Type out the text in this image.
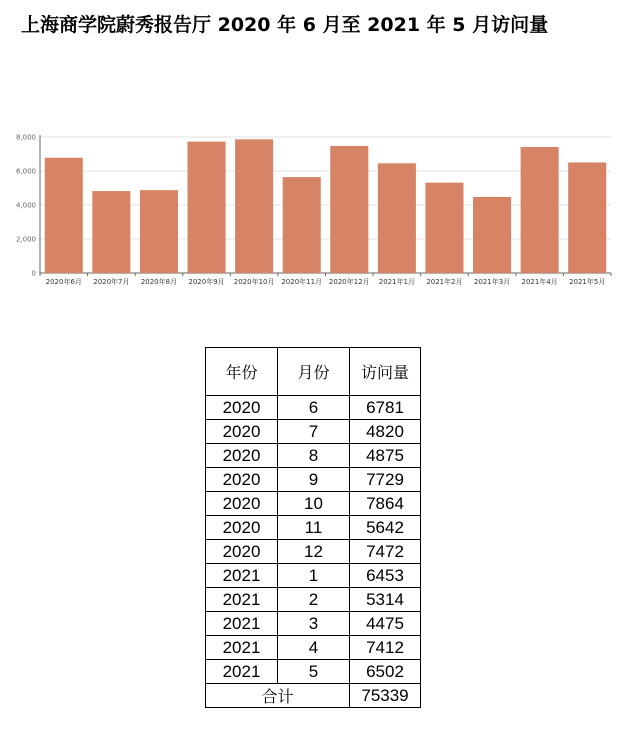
上海商学院蔚秀报告厅 2020 年 6 月至 2021 年 5 月访问量
0
2,000
4,000
6,000
8,000
2020年6月 2020年7月 2020年8月 2020年9月 2020年10月 2020年11月 2020年12月 2021年1月 2021年2月 2021年3月 2021年4月 2021年5月
年份	月份	访问量
2020	6	6781
2020	7	4820
2020	8	4875
2020	9	7729
2020	10	7864
2020	11	5642
2020	12	7472
2021	1	6453
2021	2	5314
2021	3	4475
2021	4	7412
2021	5	6502
合计		75339
